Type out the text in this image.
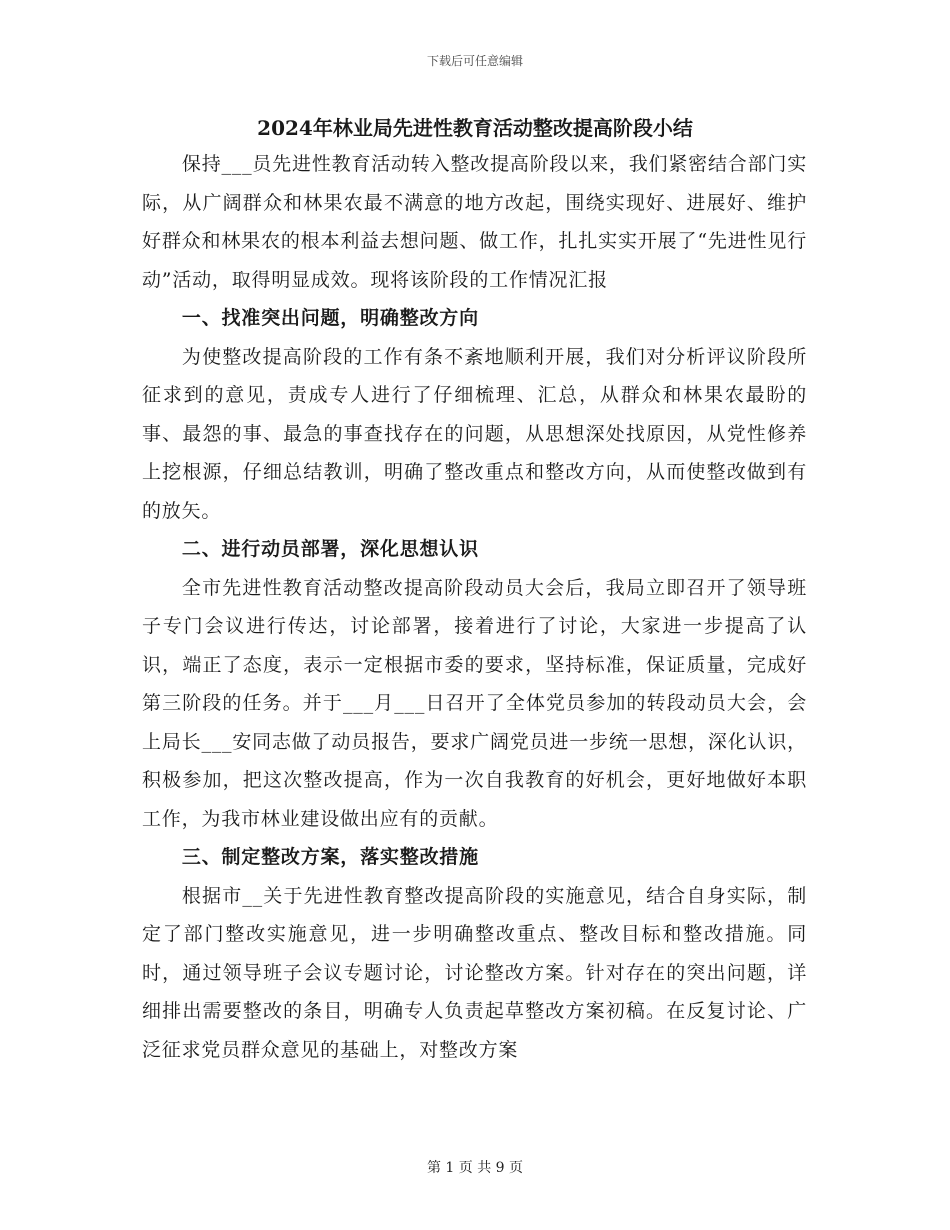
下载后可任意编辑
2024年林业局先进性教育活动整改提高阶段小结

保持___员先进性教育活动转入整改提高阶段以来，我们紧密结合部门实际，从广阔群众和林果农最不满意的地方改起，围绕实现好、进展好、维护好群众和林果农的根本利益去想问题、做工作，扎扎实实开展了“先进性见行动”活动，取得明显成效。现将该阶段的工作情况汇报

一、找准突出问题，明确整改方向

为使整改提高阶段的工作有条不紊地顺利开展，我们对分析评议阶段所征求到的意见，责成专人进行了仔细梳理、汇总，从群众和林果农最盼的事、最怨的事、最急的事查找存在的问题，从思想深处找原因，从党性修养上挖根源，仔细总结教训，明确了整改重点和整改方向，从而使整改做到有的放矢。

二、进行动员部署，深化思想认识

全市先进性教育活动整改提高阶段动员大会后，我局立即召开了领导班子专门会议进行传达，讨论部署，接着进行了讨论，大家进一步提高了认识，端正了态度，表示一定根据市委的要求，坚持标准，保证质量，完成好第三阶段的任务。并于___月___日召开了全体党员参加的转段动员大会，会上局长___安同志做了动员报告，要求广阔党员进一步统一思想，深化认识，积极参加，把这次整改提高，作为一次自我教育的好机会，更好地做好本职工作，为我市林业建设做出应有的贡献。

三、制定整改方案，落实整改措施

根据市__关于先进性教育整改提高阶段的实施意见，结合自身实际，制定了部门整改实施意见，进一步明确整改重点、整改目标和整改措施。同时，通过领导班子会议专题讨论，讨论整改方案。针对存在的突出问题，详细排出需要整改的条目，明确专人负责起草整改方案初稿。在反复讨论、广泛征求党员群众意见的基础上，对整改方案

第 1 页 共 9 页
